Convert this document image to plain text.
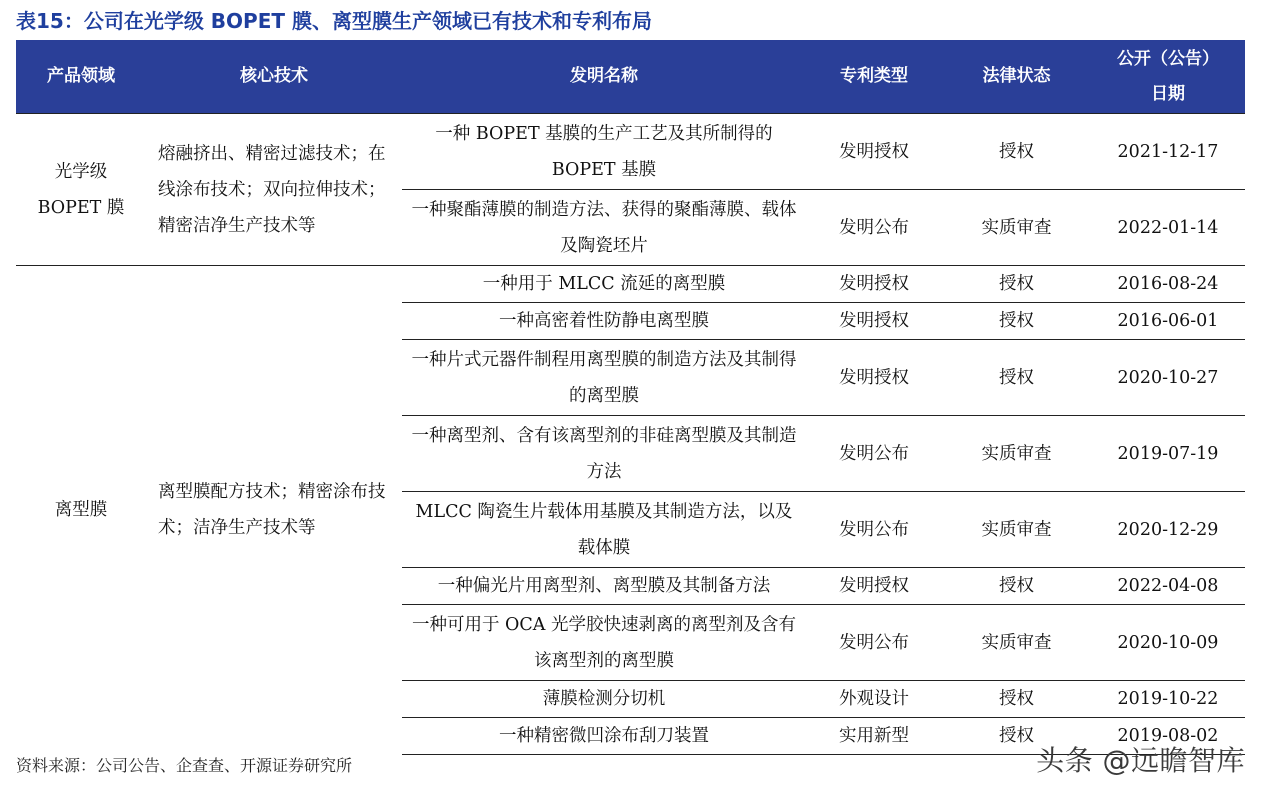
表15：公司在光学级 BOPET 膜、离型膜生产领域已有技术和专利布局
产品领域	核心技术	发明名称	专利类型	法律状态	公开（公告）
日期
光学级
BOPET 膜	熔融挤出、精密过滤技术；在线涂布技术；双向拉伸技术；精密洁净生产技术等	一种 BOPET 基膜的生产工艺及其所制得的 BOPET 基膜	发明授权	授权	2021-12-17
		一种聚酯薄膜的制造方法、获得的聚酯薄膜、载体及陶瓷坯片	发明公布	实质审查	2022-01-14
离型膜	离型膜配方技术；精密涂布技术；洁净生产技术等	一种用于 MLCC 流延的离型膜	发明授权	授权	2016-08-24
		一种高密着性防静电离型膜	发明授权	授权	2016-06-01
		一种片式元器件制程用离型膜的制造方法及其制得的离型膜	发明授权	授权	2020-10-27
		一种离型剂、含有该离型剂的非硅离型膜及其制造方法	发明公布	实质审查	2019-07-19
		MLCC 陶瓷生片载体用基膜及其制造方法，以及载体膜	发明公布	实质审查	2020-12-29
		一种偏光片用离型剂、离型膜及其制备方法	发明授权	授权	2022-04-08
		一种可用于 OCA 光学胶快速剥离的离型剂及含有该离型剂的离型膜	发明公布	实质审查	2020-10-09
		薄膜检测分切机	外观设计	授权	2019-10-22
		一种精密微凹涂布刮刀装置	实用新型	授权	2019-08-02
资料来源：公司公告、企查查、开源证券研究所	头条 @远瞻智库
